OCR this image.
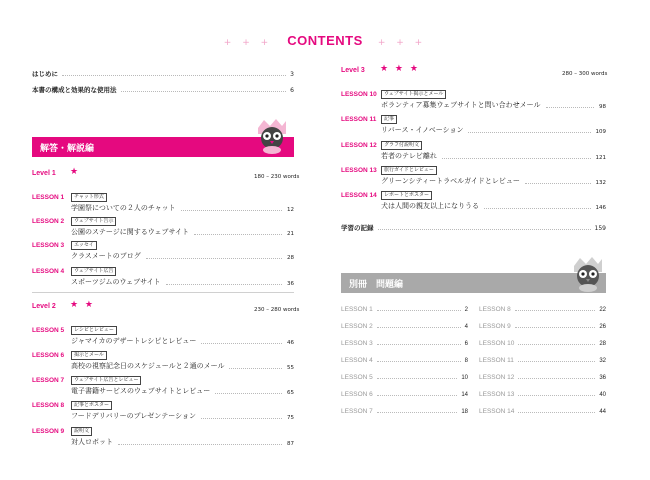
+ + + CONTENTS + + +
はじめに	3
本書の構成と効果的な使用法	6
解答・解説編
Level 1 ★	180 – 230 words
LESSON 1	チャット形式
学園祭についての２人のチャット	12
LESSON 2	ウェブサイト告示
公園のステージに関するウェブサイト	21
LESSON 3	エッセイ
クラスメートのブログ	28
LESSON 4	ウェブサイト広告
スポーツジムのウェブサイト	36
Level 2 ★ ★	230 – 280 words
LESSON 5	レシピとレビュー
ジャマイカのデザートレシピとレビュー	46
LESSON 6	掲示とメール
高校の視察記念日のスケジュールと２通のメール	55
LESSON 7	ウェブサイト広告とレビュー
電子書籍サービスのウェブサイトとレビュー	65
LESSON 8	記事とポスター
フードデリバリーのプレゼンテーション	75
LESSON 9	説明文
対人ロボット	87
Level 3 ★ ★ ★	280 – 300 words
LESSON 10	ウェブサイト掲示とメール
ボランティア募集ウェブサイトと問い合わせメール	98
LESSON 11	記事
リバース・イノベーション	109
LESSON 12	グラフ付説明文
若者のテレビ離れ	121
LESSON 13	旅行ガイドとレビュー
グリーンシティートラベルガイドとレビュー	132
LESSON 14	レポートとポスター
犬は人間の親友以上になりうる	146
学習の記録	159
別冊　問題編
LESSON 1	2
LESSON 2	4
LESSON 3	6
LESSON 4	8
LESSON 5	10
LESSON 6	14
LESSON 7	18
LESSON 8	22
LESSON 9	26
LESSON 10	28
LESSON 11	32
LESSON 12	36
LESSON 13	40
LESSON 14	44
